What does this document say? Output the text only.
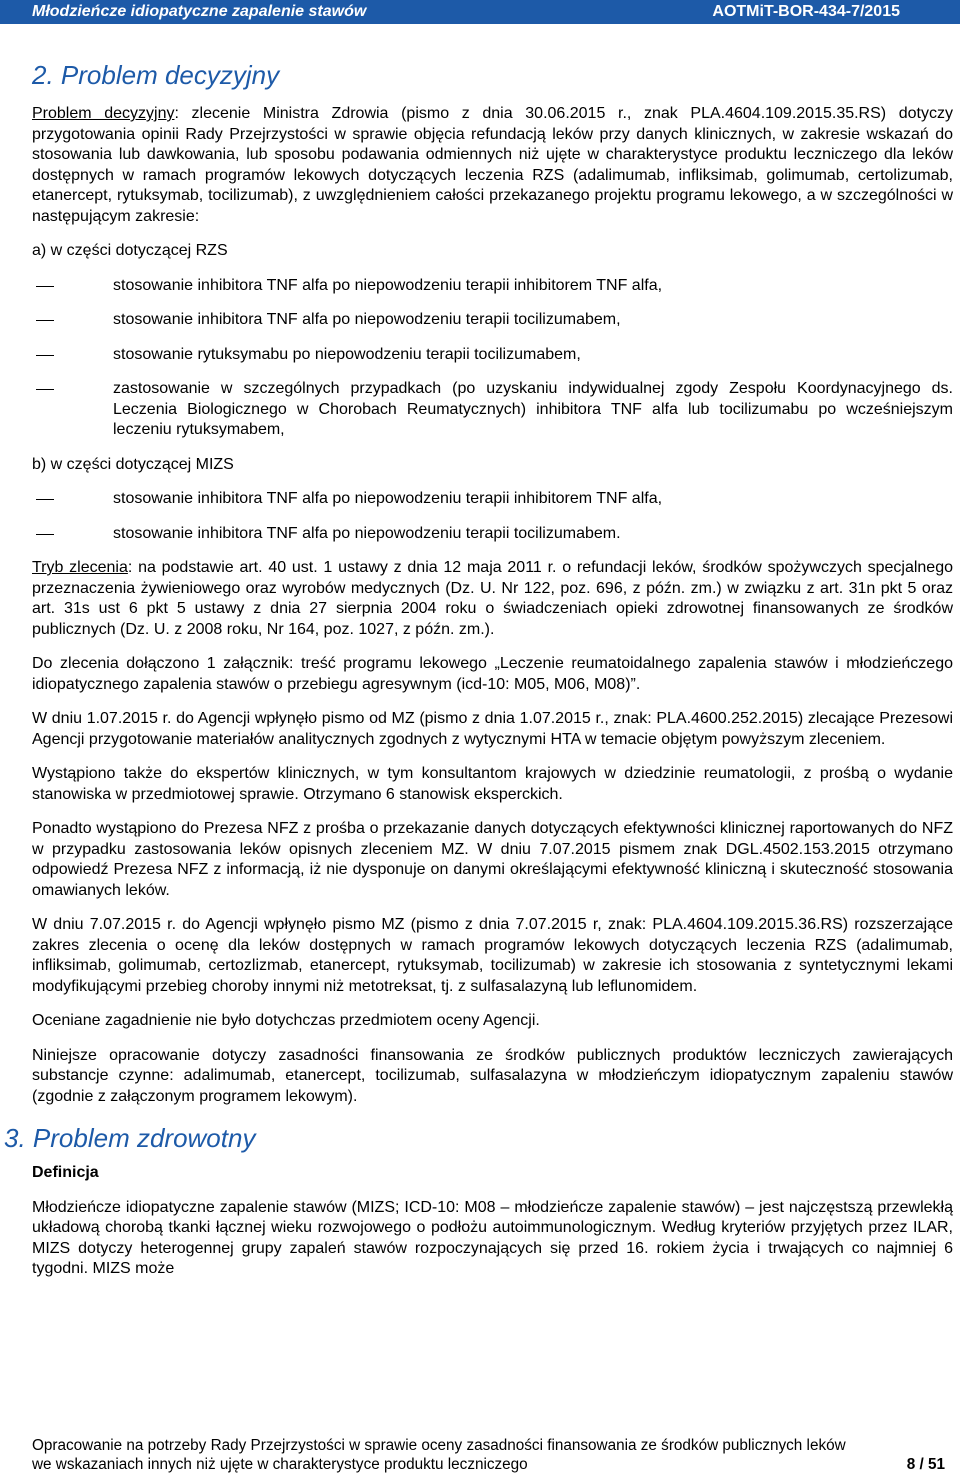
Młodzieńcze idiopatyczne zapalenie stawów	AOTMiT-BOR-434-7/2015
2. Problem decyzyjny

Problem decyzyjny: zlecenie Ministra Zdrowia (pismo z dnia 30.06.2015 r., znak PLA.4604.109.2015.35.RS) dotyczy przygotowania opinii Rady Przejrzystości w sprawie objęcia refundacją leków przy danych klinicznych, w zakresie wskazań do stosowania lub dawkowania, lub sposobu podawania odmiennych niż ujęte w charakterystyce produktu leczniczego dla leków dostępnych w ramach programów lekowych dotyczących leczenia RZS (adalimumab, infliksimab, golimumab, certolizumab, etanercept, rytuksymab, tocilizumab), z uwzględnieniem całości przekazanego projektu programu lekowego, a w szczególności w następującym zakresie:

a) w części dotyczącej RZS

stosowanie inhibitora TNF alfa po niepowodzeniu terapii inhibitorem TNF alfa,
stosowanie inhibitora TNF alfa po niepowodzeniu terapii tocilizumabem,
stosowanie rytuksymabu po niepowodzeniu terapii tocilizumabem,
zastosowanie w szczególnych przypadkach (po uzyskaniu indywidualnej zgody Zespołu Koordynacyjnego ds. Leczenia Biologicznego w Chorobach Reumatycznych) inhibitora TNF alfa lub tocilizumabu po wcześniejszym leczeniu rytuksymabem,

b) w części dotyczącej MIZS

stosowanie inhibitora TNF alfa po niepowodzeniu terapii inhibitorem TNF alfa,
stosowanie inhibitora TNF alfa po niepowodzeniu terapii tocilizumabem.

Tryb zlecenia: na podstawie art. 40 ust. 1 ustawy z dnia 12 maja 2011 r. o refundacji leków, środków spożywczych specjalnego przeznaczenia żywieniowego oraz wyrobów medycznych (Dz. U. Nr 122, poz. 696, z późn. zm.) w związku z art. 31n pkt 5 oraz art. 31s ust 6 pkt 5 ustawy z dnia 27 sierpnia 2004 roku o świadczeniach opieki zdrowotnej finansowanych ze środków publicznych (Dz. U. z 2008 roku, Nr 164, poz. 1027, z późn. zm.).

Do zlecenia dołączono 1 załącznik: treść programu lekowego „Leczenie reumatoidalnego zapalenia stawów i młodzieńczego idiopatycznego zapalenia stawów o przebiegu agresywnym (icd-10: M05, M06, M08)”.

W dniu 1.07.2015 r. do Agencji wpłynęło pismo od MZ (pismo z dnia 1.07.2015 r., znak: PLA.4600.252.2015) zlecające Prezesowi Agencji przygotowanie materiałów analitycznych zgodnych z wytycznymi HTA w temacie objętym powyższym zleceniem.

Wystąpiono także do ekspertów klinicznych, w tym konsultantom krajowych w dziedzinie reumatologii, z prośbą o wydanie stanowiska w przedmiotowej sprawie. Otrzymano 6 stanowisk eksperckich.

Ponadto wystąpiono do Prezesa NFZ z prośba o przekazanie danych dotyczących efektywności klinicznej raportowanych do NFZ w przypadku zastosowania leków opisnych zleceniem MZ. W dniu 7.07.2015 pismem znak DGL.4502.153.2015 otrzymano odpowiedź Prezesa NFZ z informacją, iż nie dysponuje on danymi określającymi efektywność kliniczną i skuteczność stosowania omawianych leków.

W dniu 7.07.2015 r. do Agencji wpłynęło pismo MZ (pismo z dnia 7.07.2015 r, znak: PLA.4604.109.2015.36.RS) rozszerzające zakres zlecenia o ocenę dla leków dostępnych w ramach programów lekowych dotyczących leczenia RZS (adalimumab, infliksimab, golimumab, certozlizmab, etanercept, rytuksymab, tocilizumab) w zakresie ich stosowania z syntetycznymi lekami modyfikującymi przebieg choroby innymi niż metotreksat, tj. z sulfasalazyną lub leflunomidem.

Oceniane zagadnienie nie było dotychczas przedmiotem oceny Agencji.

Niniejsze opracowanie dotyczy zasadności finansowania ze środków publicznych produktów leczniczych zawierających substancje czynne: adalimumab, etanercept, tocilizumab, sulfasalazyna w młodzieńczym idiopatycznym zapaleniu stawów (zgodnie z załączonym programem lekowym).

3. Problem zdrowotny

Definicja

Młodzieńcze idiopatyczne zapalenie stawów (MIZS; ICD-10: M08 – młodzieńcze zapalenie stawów) – jest najczęstszą przewlekłą układową chorobą tkanki łącznej wieku rozwojowego o podłożu autoimmunologicznym. Według kryteriów przyjętych przez ILAR, MIZS dotyczy heterogennej grupy zapaleń stawów rozpoczynających się przed 16. rokiem życia i trwających co najmniej 6 tygodni. MIZS może

Opracowanie na potrzeby Rady Przejrzystości w sprawie oceny zasadności finansowania ze środków publicznych leków
we wskazaniach innych niż ujęte w charakterystyce produktu leczniczego	8 / 51
